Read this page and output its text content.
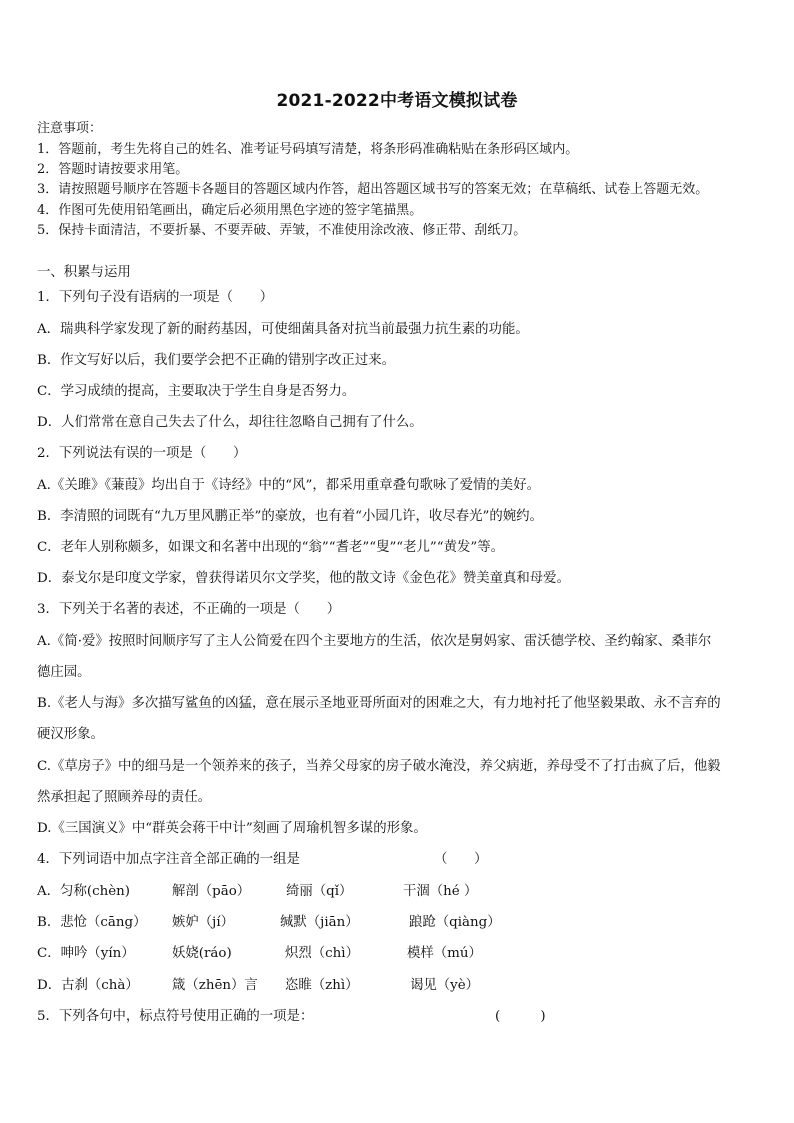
2021-2022中考语文模拟试卷
注意事项：
1．答题前，考生先将自己的姓名、准考证号码填写清楚，将条形码准确粘贴在条形码区域内。
2．答题时请按要求用笔。
3．请按照题号顺序在答题卡各题目的答题区域内作答，超出答题区域书写的答案无效；在草稿纸、试卷上答题无效。
4．作图可先使用铅笔画出，确定后必须用黑色字迹的签字笔描黑。
5．保持卡面清洁，不要折暴、不要弄破、弄皱，不准使用涂改液、修正带、刮纸刀。
一、积累与运用
1．下列句子没有语病的一项是（　　）
A．瑞典科学家发现了新的耐药基因，可使细菌具备对抗当前最强力抗生素的功能。
B．作文写好以后，我们要学会把不正确的错别字改正过来。
C．学习成绩的提高，主要取决于学生自身是否努力。
D．人们常常在意自己失去了什么，却往往忽略自己拥有了什么。
2．下列说法有误的一项是（　　）
A.《关雎》《蒹葭》均出自于《诗经》中的“风”，都采用重章叠句歌咏了爱情的美好。
B．李清照的词既有“九万里风鹏正举”的豪放，也有着“小园几许，收尽春光”的婉约。
C．老年人别称颇多，如课文和名著中出现的“翁”“耆老”“叟”“老儿”“黄发”等。
D．泰戈尔是印度文学家，曾获得诺贝尔文学奖，他的散文诗《金色花》赞美童真和母爱。
3．下列关于名著的表述，不正确的一项是（　　）
A.《简·爱》按照时间顺序写了主人公简爱在四个主要地方的生活，依次是舅妈家、雷沃德学校、圣约翰家、桑菲尔
德庄园。
B.《老人与海》多次描写鲨鱼的凶猛，意在展示圣地亚哥所面对的困难之大，有力地衬托了他坚毅果敢、永不言弃的
硬汉形象。
C.《草房子》中的细马是一个领养来的孩子，当养父母家的房子破水淹没，养父病逝，养母受不了打击疯了后，他毅
然承担起了照顾养母的责任。
D.《三国演义》中“群英会蒋干中计”刻画了周瑜机智多谋的形象。
4．下列词语中加点字注音全部正确的一组是	（　　）
A．匀称(chèn)	解剖（pāo）	绮丽（qǐ）	干涸（hé ）
B．悲怆（cāng） 嫉妒（jí）	缄默（jiān）	踉跄（qiàng）
C．呻吟（yín）	妖娆(ráo)	炽烈（chì）	模样（mú）
D．古刹（chà） 箴（zhēn）言 恣睢（zhì）	谒见（yè）
5．下列各句中，标点符号使用正确的一项是：	(　　　)
